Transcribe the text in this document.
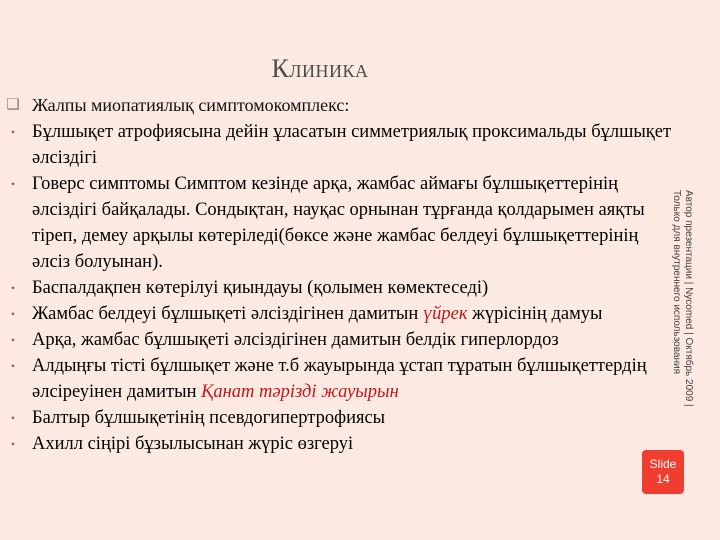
Клиника
❑ Жалпы миопатиялық симптомокомплекс:
• Бұлшықет атрофиясына дейін ұласатын симметриялық проксимальды бұлшықет әлсіздігі
• Говерс симптомы Симптом кезінде арқа, жамбас аймағы бұлшықеттерінің әлсіздігі байқалады. Сондықтан, науқас орнынан тұрғанда қолдарымен аяқты тіреп, демеу арқылы көтеріледі(бөксе және жамбас белдеуі бұлшықеттерінің әлсіз болуынан).
• Баспалдақпен көтерілуі қиындауы (қолымен көмектеседі)
• Жамбас белдеуі бұлшықеті әлсіздігінен дамитын үйрек жүрісінің дамуы
• Арқа, жамбас бұлшықеті әлсіздігінен дамитын белдік гиперлордоз
• Алдыңғы тісті бұлшықет және т.б жауырында ұстап тұратын бұлшықеттердің әлсіреуінен дамитын Қанат тәрізді жауырын
• Балтыр бұлшықетінің псевдогипертрофиясы
• Ахилл сіңірі бұзылысынан жүріс өзгеруі
Автор презентации | Nycomed | Октябрь 2009 | Только для внутреннего использования
Slide
14
